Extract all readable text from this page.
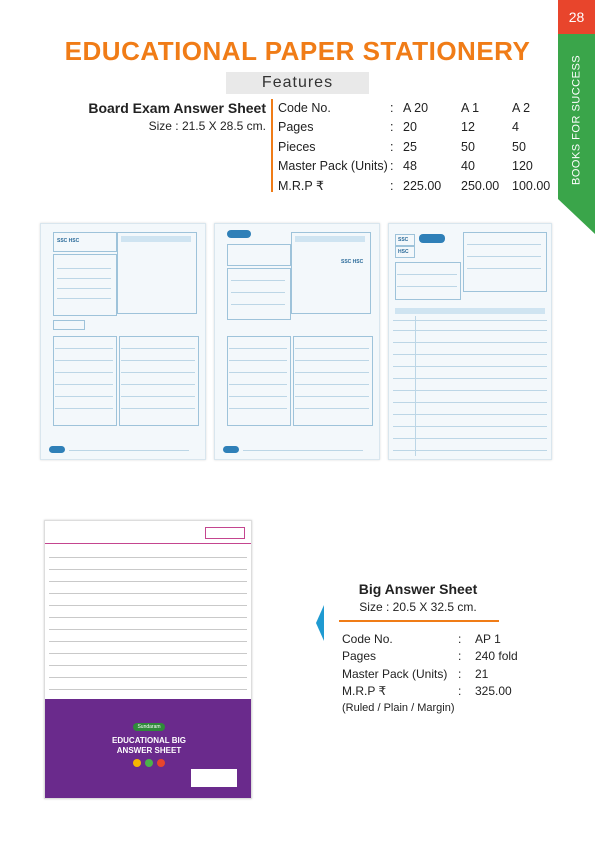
28
BOOKS FOR SUCCESS
EDUCATIONAL PAPER STATIONERY
Features
Board Exam Answer Sheet
Size : 21.5 X 28.5 cm.
Code No.	:	A 20	A 1	A 2
Pages	:	20	12	4
Pieces	:	25	50	50
Master Pack (Units)	:	48	40	120
M.R.P ₹	:	225.00	250.00	100.00
SSC HSC
SSC HSC
SSC
HSC
Sundaram
EDUCATIONAL BIG
ANSWER SHEET
Big Answer Sheet
Size : 20.5 X 32.5 cm.
Code No.	:	AP 1
Pages	:	240 fold
Master Pack (Units)	:	21
M.R.P ₹	:	325.00
(Ruled / Plain / Margin)
